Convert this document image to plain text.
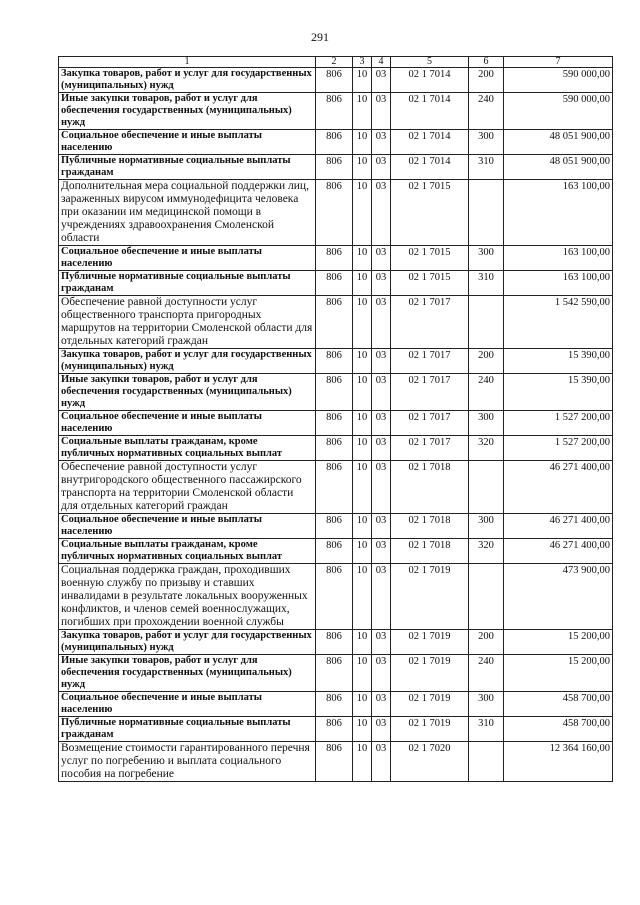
291
1	2	3	4	5	6	7
Закупка товаров, работ и услуг для государственных (муниципальных) нужд	806	10	03	02 1 7014	200	590 000,00
Иные закупки товаров, работ и услуг для обеспечения государственных (муниципальных) нужд	806	10	03	02 1 7014	240	590 000,00
Социальное обеспечение и иные выплаты населению	806	10	03	02 1 7014	300	48 051 900,00
Публичные нормативные социальные выплаты гражданам	806	10	03	02 1 7014	310	48 051 900,00
Дополнительная мера социальной поддержки лиц, зараженных вирусом иммунодефицита человека при оказании им медицинской помощи в учреждениях здравоохранения Смоленской области	806	10	03	02 1 7015		163 100,00
Социальное обеспечение и иные выплаты населению	806	10	03	02 1 7015	300	163 100,00
Публичные нормативные социальные выплаты гражданам	806	10	03	02 1 7015	310	163 100,00
Обеспечение равной доступности услуг общественного транспорта пригородных маршрутов на территории Смоленской области для отдельных категорий граждан	806	10	03	02 1 7017		1 542 590,00
Закупка товаров, работ и услуг для государственных (муниципальных) нужд	806	10	03	02 1 7017	200	15 390,00
Иные закупки товаров, работ и услуг для обеспечения государственных (муниципальных) нужд	806	10	03	02 1 7017	240	15 390,00
Социальное обеспечение и иные выплаты населению	806	10	03	02 1 7017	300	1 527 200,00
Социальные выплаты гражданам, кроме публичных нормативных социальных выплат	806	10	03	02 1 7017	320	1 527 200,00
Обеспечение равной доступности услуг внутригородского общественного пассажирского транспорта на территории Смоленской области для отдельных категорий граждан	806	10	03	02 1 7018		46 271 400,00
Социальное обеспечение и иные выплаты населению	806	10	03	02 1 7018	300	46 271 400,00
Социальные выплаты гражданам, кроме публичных нормативных социальных выплат	806	10	03	02 1 7018	320	46 271 400,00
Социальная поддержка граждан, проходивших военную службу по призыву и ставших инвалидами в результате локальных вооруженных конфликтов, и членов семей военнослужащих, погибших при прохождении военной службы	806	10	03	02 1 7019		473 900,00
Закупка товаров, работ и услуг для государственных (муниципальных) нужд	806	10	03	02 1 7019	200	15 200,00
Иные закупки товаров, работ и услуг для обеспечения государственных (муниципальных) нужд	806	10	03	02 1 7019	240	15 200,00
Социальное обеспечение и иные выплаты населению	806	10	03	02 1 7019	300	458 700,00
Публичные нормативные социальные выплаты гражданам	806	10	03	02 1 7019	310	458 700,00
Возмещение стоимости гарантированного перечня услуг по погребению и выплата социального пособия на погребение	806	10	03	02 1 7020		12 364 160,00
